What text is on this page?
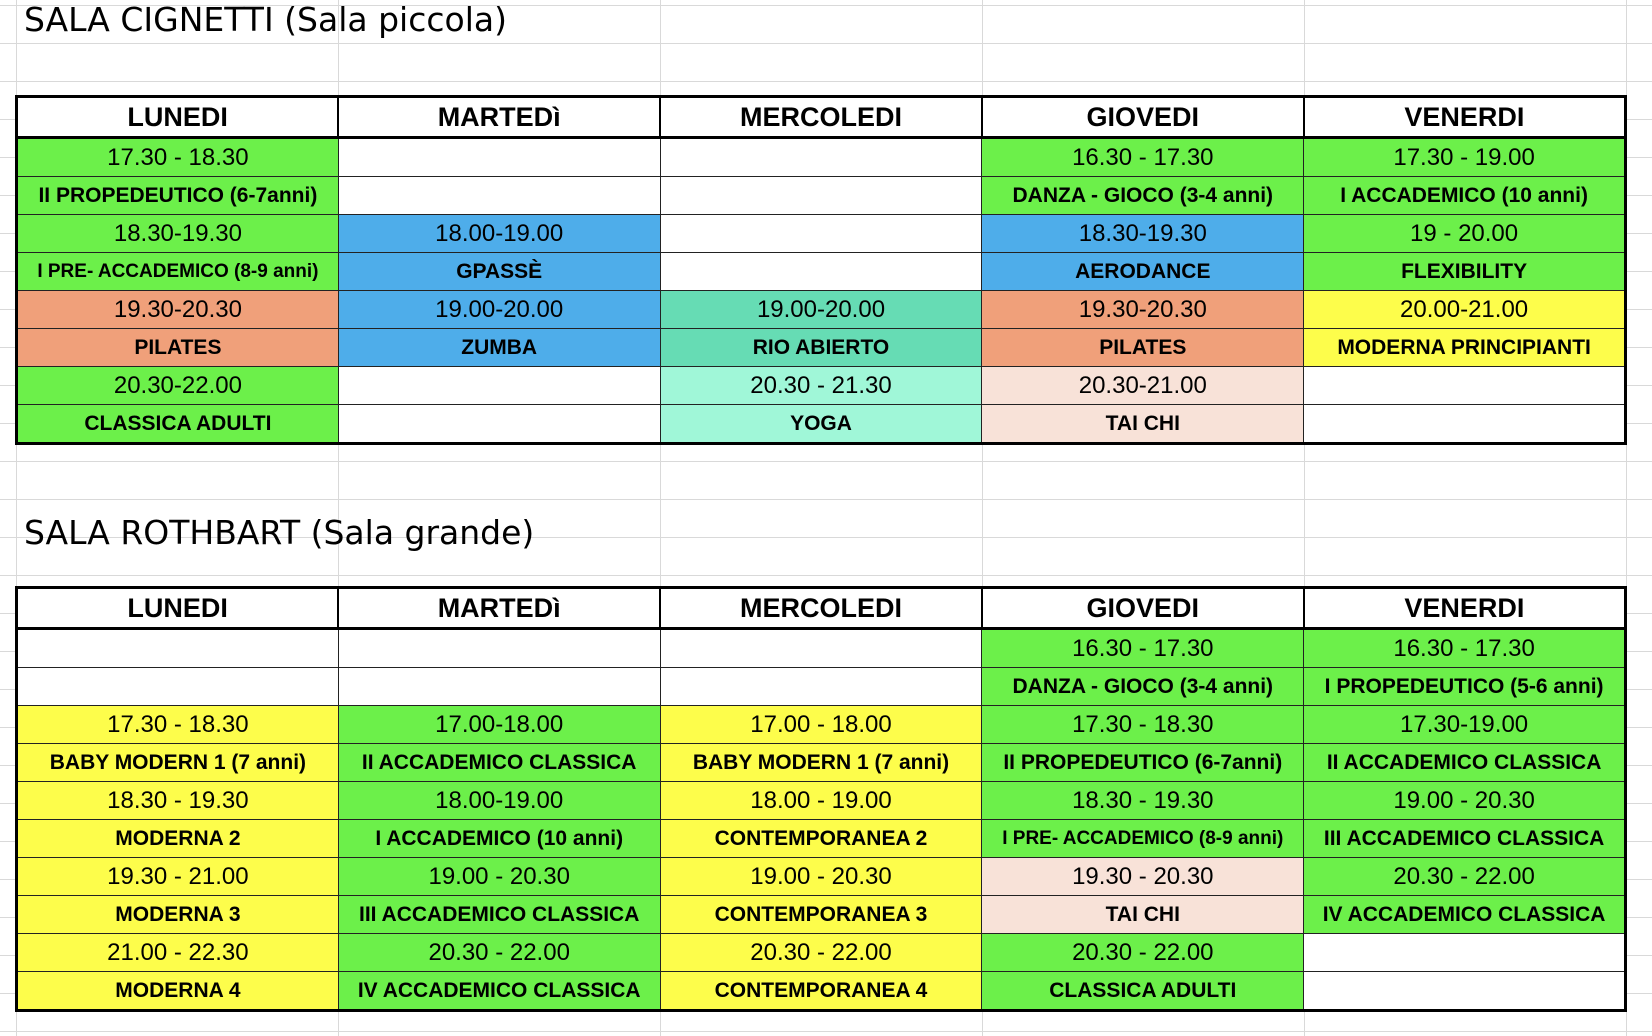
SALA CIGNETTI (Sala piccola)
LUNEDI	MARTEDì	MERCOLEDI	GIOVEDI	VENERDI
17.30 - 18.30			16.30 - 17.30	17.30 - 19.00
II PROPEDEUTICO (6-7anni)			DANZA - GIOCO (3-4 anni)	I ACCADEMICO (10 anni)
18.30-19.30	18.00-19.00		18.30-19.30	19 - 20.00
I PRE- ACCADEMICO (8-9 anni)	GPASSÈ		AERODANCE	FLEXIBILITY
19.30-20.30	19.00-20.00	19.00-20.00	19.30-20.30	20.00-21.00
PILATES	ZUMBA	RIO ABIERTO	PILATES	MODERNA PRINCIPIANTI
20.30-22.00		20.30 - 21.30	20.30-21.00	
CLASSICA ADULTI		YOGA	TAI CHI	
SALA ROTHBART (Sala grande)
LUNEDI	MARTEDì	MERCOLEDI	GIOVEDI	VENERDI
			16.30 - 17.30	16.30 - 17.30
			DANZA - GIOCO (3-4 anni)	I PROPEDEUTICO (5-6 anni)
17.30 - 18.30	17.00-18.00	17.00 - 18.00	17.30 - 18.30	17.30-19.00
BABY MODERN 1 (7 anni)	II ACCADEMICO CLASSICA	BABY MODERN 1 (7 anni)	II PROPEDEUTICO (6-7anni)	II ACCADEMICO CLASSICA
18.30 - 19.30	18.00-19.00	18.00 - 19.00	18.30 - 19.30	19.00 - 20.30
MODERNA 2	I ACCADEMICO (10 anni)	CONTEMPORANEA 2	I PRE- ACCADEMICO (8-9 anni)	III ACCADEMICO CLASSICA
19.30 - 21.00	19.00 - 20.30	19.00 - 20.30	19.30 - 20.30	20.30 - 22.00
MODERNA 3	III ACCADEMICO CLASSICA	CONTEMPORANEA 3	TAI CHI	IV ACCADEMICO CLASSICA
21.00 - 22.30	20.30 - 22.00	20.30 - 22.00	20.30 - 22.00	
MODERNA 4	IV ACCADEMICO CLASSICA	CONTEMPORANEA 4	CLASSICA ADULTI	
